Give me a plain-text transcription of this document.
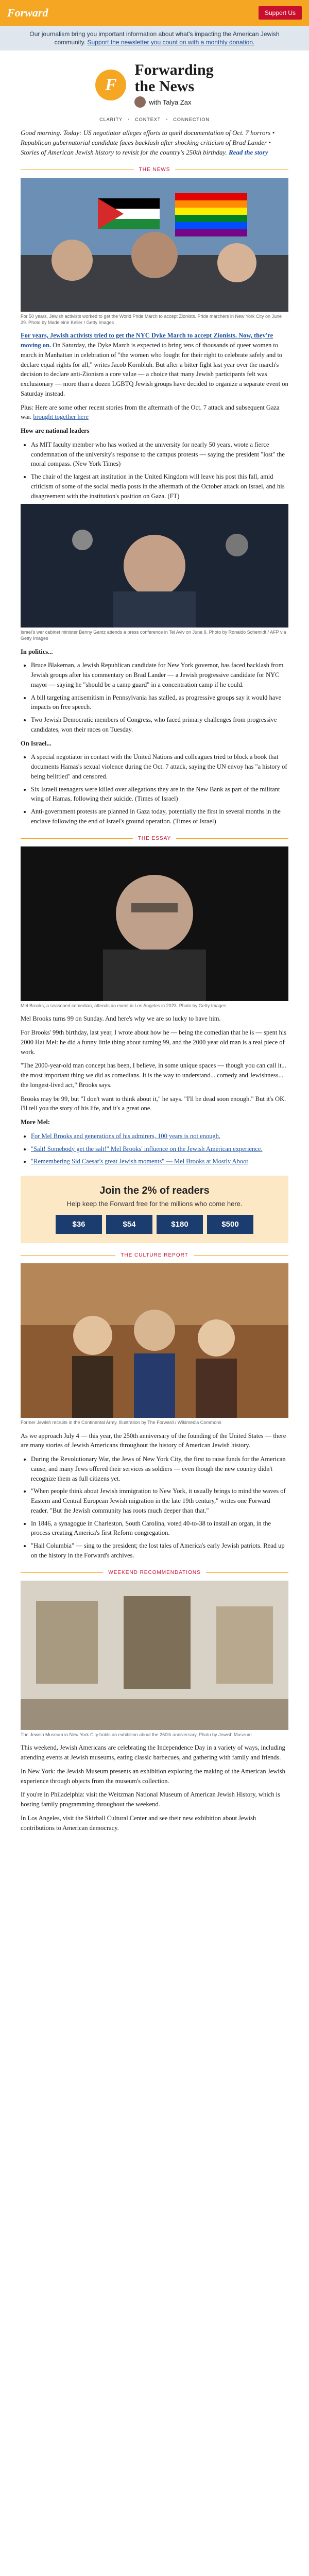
Forward	Support Us
Our journalism bring you important information about what's impacting the American Jewish community. Support the newsletter you count on with a monthly donation.
F
Forwarding
the News
with Talya Zax
CLARITY • CONTEXT • CONNECTION
Good morning. Today: US negotiator alleges efforts to quell documentation of Oct. 7 horrors • Republican gubernatorial candidate faces backlash after shocking criticism of Brad Lander • Stories of American Jewish history to revisit for the country's 250th birthday. Read the story
THE NEWS
For 50 years, Jewish activists worked to get the World Pride March to accept Zionists. Pride marchers in New York City on June 29. Photo by Madeleine Keller / Getty Images
For years, Jewish activists tried to get the NYC Dyke March to accept Zionists. Now, they're moving on. On Saturday, the Dyke March is expected to bring tens of thousands of queer women to march in Manhattan in celebration of "the women who fought for their right to celebrate safely and to declare equal rights for all," writes Jacob Kornbluh. But after a bitter fight last year over the march's decision to declare anti-Zionism a core value — a choice that many Jewish participants felt was exclusionary — more than a dozen LGBTQ Jewish groups have decided to organize a separate event on Saturday instead.
Plus: Here are some other recent stories from the aftermath of the Oct. 7 attack and subsequent Gaza war. brought together here
How are national leaders
• As MIT faculty member who has worked at the university for nearly 50 years, wrote a fierce condemnation of the university's response to the campus protests — saying the president "lost" the moral compass. (New York Times)
• The chair of the largest art institution in the United Kingdom will leave his post this fall, amid criticism of some of the social media posts in the aftermath of the October attack on Israel, and his disagreement with the institution's position on Gaza. (FT)
Israel's war cabinet minister Benny Gantz attends a press conference in Tel Aviv on June 9. Photo by Ronaldo Schemidt / AFP via Getty Images
In politics...
• Bruce Blakeman, a Jewish Republican candidate for New York governor, has faced backlash from Jewish groups after his commentary on Brad Lander — a Jewish progressive candidate for NYC mayor — saying he "should be a camp guard" in a concentration camp if he could.
• A bill targeting antisemitism in Pennsylvania has stalled, as progressive groups say it would have impacts on free speech.
• Two Jewish Democratic members of Congress, who faced primary challenges from progressive candidates, won their races on Tuesday.
On Israel...
• A special negotiator in contact with the United Nations and colleagues tried to block a book that documents Hamas's sexual violence during the Oct. 7 attack, saying the UN envoy has "a history of being belittled" and censored.
• Six Israeli teenagers were killed over allegations they are in the New Bank as part of the militant wing of Hamas, following their suicide. (Times of Israel)
• Anti-government protests are planned in Gaza today, potentially the first in several months in the enclave following the end of Israel's ground operation. (Times of Israel)
THE ESSAY
Mel Brooks, a seasoned comedian, attends an event in Los Angeles in 2023. Photo by Getty Images
Mel Brooks turns 99 on Sunday. And here's why we are so lucky to have him.
For Brooks' 99th birthday, last year, I wrote about how he — being the comedian that he is — spent his 2000 Hat Mel: he did a funny little thing about turning 99, and the 2000 year old man is a real piece of work.
"The 2000-year-old man concept has been, I believe, in some unique spaces — though you can call it... the most important thing we did as comedians. It is the way to understand... comedy and Jewishness... the longest-lived act," Brooks says.
Brooks may be 99, but "I don't want to think about it," he says. "I'll be dead soon enough." But it's OK. I'll tell you the story of his life, and it's a great one.
More Mel:
• For Mel Brooks and generations of his admirers, 100 years is not enough.
• "Salt! Somebody get the salt!" Mel Brooks' influence on the Jewish American experience.
• "Remembering Sid Caesar's great Jewish moments" — Mel Brooks at Mostly Aboot
Join the 2% of readers

Help keep the Forward free for the millions who come here.

$36	$54	$180	$500
THE CULTURE REPORT
Former Jewish recruits in the Continental Army. Illustration by The Forward / Wikimedia Commons
As we approach July 4 — this year, the 250th anniversary of the founding of the United States — there are many stories of Jewish Americans throughout the history of American Jewish history.
• During the Revolutionary War, the Jews of New York City, the first to raise funds for the American cause, and many Jews offered their services as soldiers — even though the new country didn't recognize them as full citizens yet.
• "When people think about Jewish immigration to New York, it usually brings to mind the waves of Eastern and Central European Jewish migration in the late 19th century," writes one Forward reader. "But the Jewish community has roots much deeper than that."
• In 1846, a synagogue in Charleston, South Carolina, voted 40-to-38 to install an organ, in the process creating America's first Reform congregation.
• "Hail Columbia" — sing to the president; the lost tales of America's early Jewish patriots. Read up on the history in the Forward's archives.
WEEKEND RECOMMENDATIONS
The Jewish Museum in New York City holds an exhibition about the 250th anniversary. Photo by Jewish Museum
This weekend, Jewish Americans are celebrating the Independence Day in a variety of ways, including attending events at Jewish museums, eating classic barbecues, and gathering with family and friends.
In New York: the Jewish Museum presents an exhibition exploring the making of the American Jewish experience through objects from the museum's collection.
If you're in Philadelphia: visit the Weitzman National Museum of American Jewish History, which is hosting family programming throughout the weekend.
In Los Angeles, visit the Skirball Cultural Center and see their new exhibition about Jewish contributions to American democracy.
